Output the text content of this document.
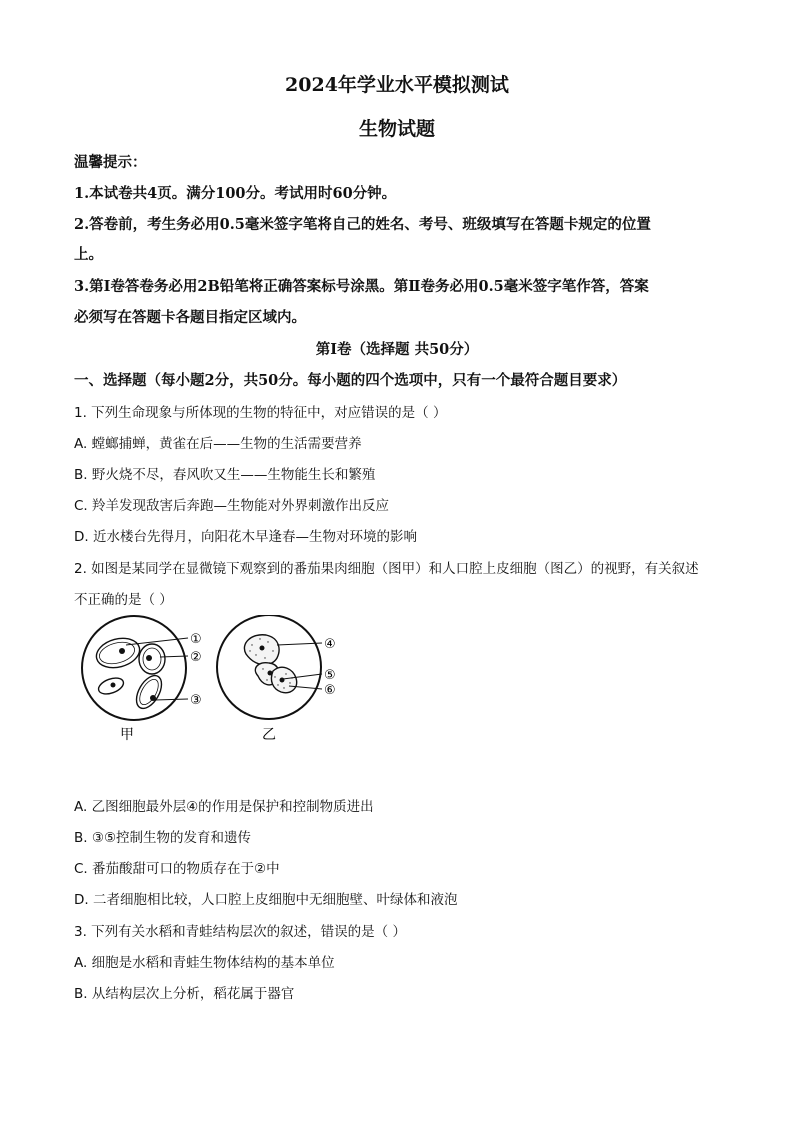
2024年学业水平模拟测试
生物试题
温馨提示：
1.本试卷共4页。满分100分。考试用时60分钟。
2.答卷前，考生务必用0.5毫米签字笔将自己的姓名、考号、班级填写在答题卡规定的位置
上。
3.第Ⅰ卷答卷务必用2B铅笔将正确答案标号涂黑。第Ⅱ卷务必用0.5毫米签字笔作答，答案
必须写在答题卡各题目指定区域内。
第Ⅰ卷（选择题 共50分）
一、选择题（每小题2分，共50分。每小题的四个选项中，只有一个最符合题目要求）
1. 下列生命现象与所体现的生物的特征中，对应错误的是（ ）
A. 螳螂捕蝉，黄雀在后——生物的生活需要营养
B. 野火烧不尽，春风吹又生——生物能生长和繁殖
C. 羚羊发现敌害后奔跑—生物能对外界刺激作出反应
D. 近水楼台先得月，向阳花木早逢春—生物对环境的影响
2. 如图是某同学在显微镜下观察到的番茄果肉细胞（图甲）和人口腔上皮细胞（图乙）的视野，有关叙述
不正确的是（ ）
①
②
③
④
⑤
⑥
甲	乙
A. 乙图细胞最外层④的作用是保护和控制物质进出
B. ③⑤控制生物的发育和遗传
C. 番茄酸甜可口的物质存在于②中
D. 二者细胞相比较，人口腔上皮细胞中无细胞壁、叶绿体和液泡
3. 下列有关水稻和青蛙结构层次的叙述，错误的是（ ）
A. 细胞是水稻和青蛙生物体结构的基本单位
B. 从结构层次上分析，稻花属于器官
